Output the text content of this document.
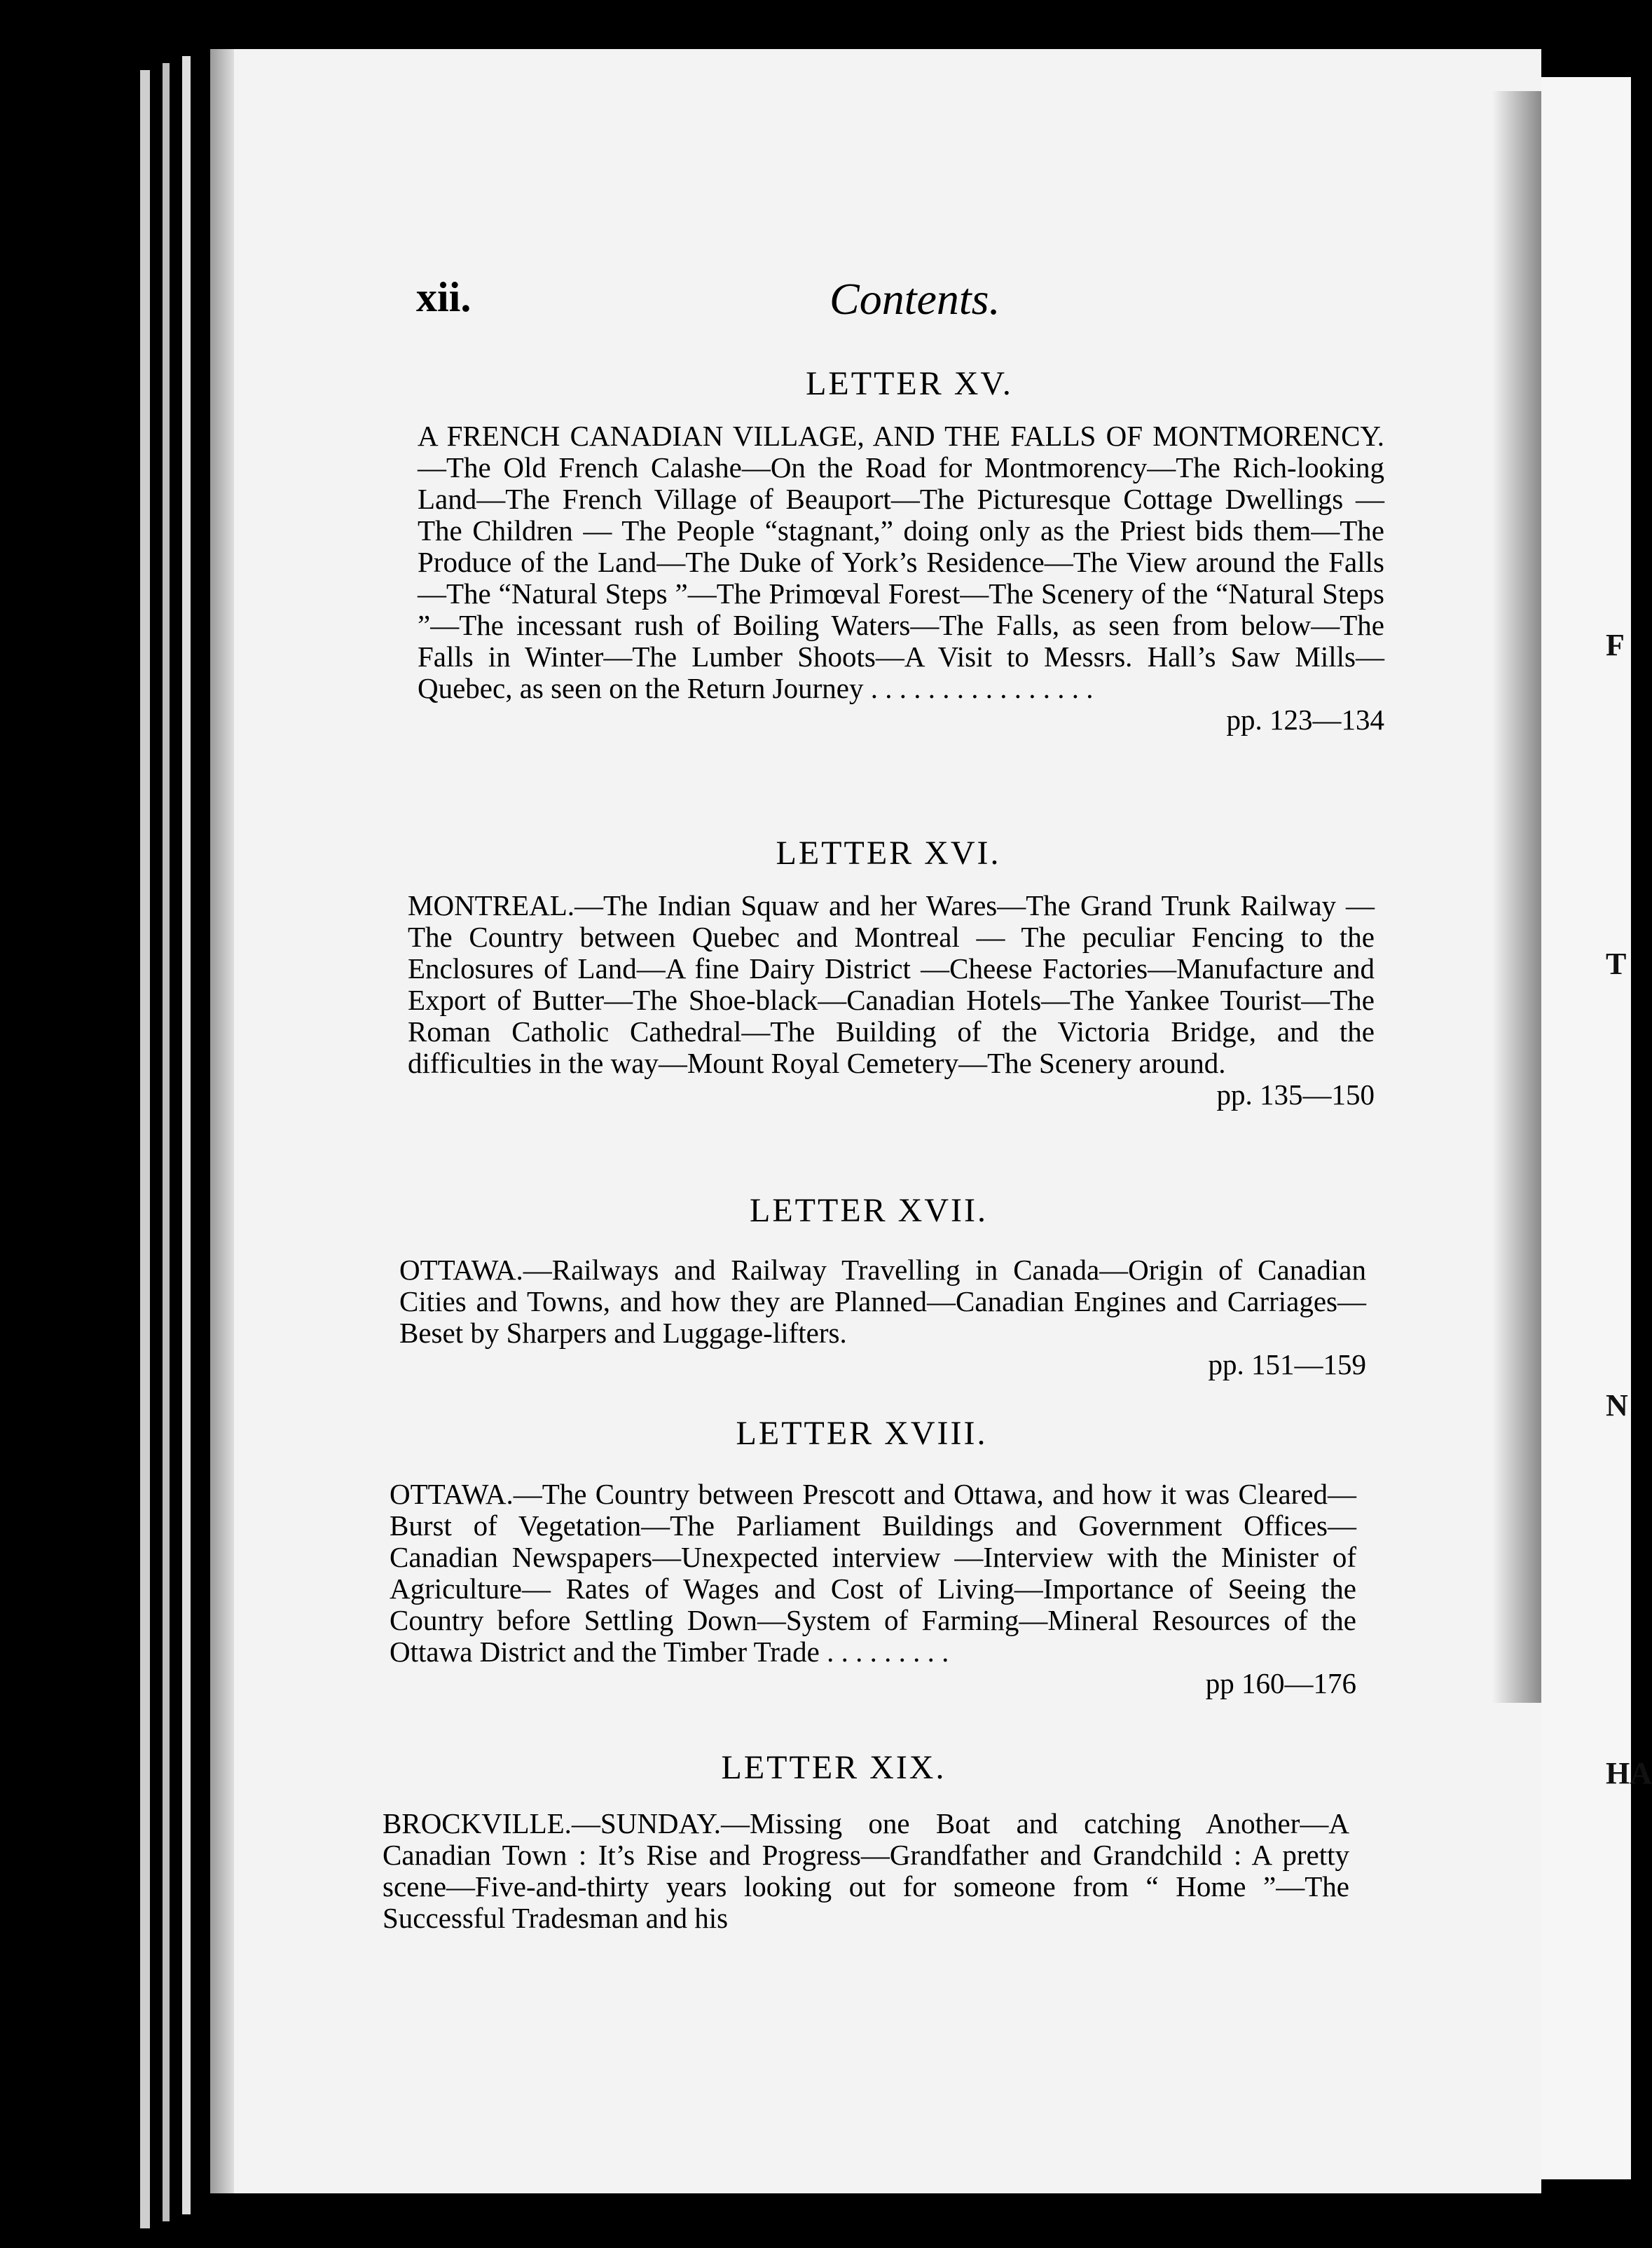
F
T
N
HA
xii.	Contents.
LETTER XV.

A FRENCH CANADIAN VILLAGE, AND THE FALLS OF MONTMORENCY.—The Old French Calashe—On the Road for Montmorency—The Rich-looking Land—The French Village of Beauport—The Picturesque Cottage Dwellings — The Children — The People “stagnant,” doing only as the Priest bids them—The Produce of the Land—The Duke of York’s Residence—The View around the Falls—The “Natural Steps ”—The Primœval Forest—The Scenery of the “Natural Steps ”—The incessant rush of Boiling Waters—The Falls, as seen from below—The Falls in Winter—The Lumber Shoots—A Visit to Messrs. Hall’s Saw Mills—Quebec, as seen on the Return Journey . . . . . . . . . . . . . . . .

pp. 123—134
LETTER XVI.

MONTREAL.—The Indian Squaw and her Wares—The Grand Trunk Railway — The Country between Quebec and Montreal — The peculiar Fencing to the Enclosures of Land—A fine Dairy District —Cheese Factories—Manufacture and Export of Butter—The Shoe-black—Canadian Hotels—The Yankee Tourist—The Roman Catholic Cathedral—The Building of the Victoria Bridge, and the difficulties in the way—Mount Royal Cemetery—The Scenery around.

pp. 135—150
LETTER XVII.

OTTAWA.—Railways and Railway Travelling in Canada—Origin of Canadian Cities and Towns, and how they are Planned—Canadian Engines and Carriages—Beset by Sharpers and Luggage-lifters.

pp. 151—159
LETTER XVIII.

OTTAWA.—The Country between Prescott and Ottawa, and how it was Cleared—Burst of Vegetation—The Parliament Buildings and Government Offices—Canadian Newspapers—Unexpected interview —Interview with the Minister of Agriculture— Rates of Wages and Cost of Living—Importance of Seeing the Country before Settling Down—System of Farming—Mineral Resources of the Ottawa District and the Timber Trade . . . . . . . . .

pp 160—176
LETTER XIX.

BROCKVILLE.—SUNDAY.—Missing one Boat and catching Another—A Canadian Town : It’s Rise and Progress—Grandfather and Grandchild : A pretty scene—Five-and-thirty years looking out for someone from “ Home ”—The Successful Tradesman and his
